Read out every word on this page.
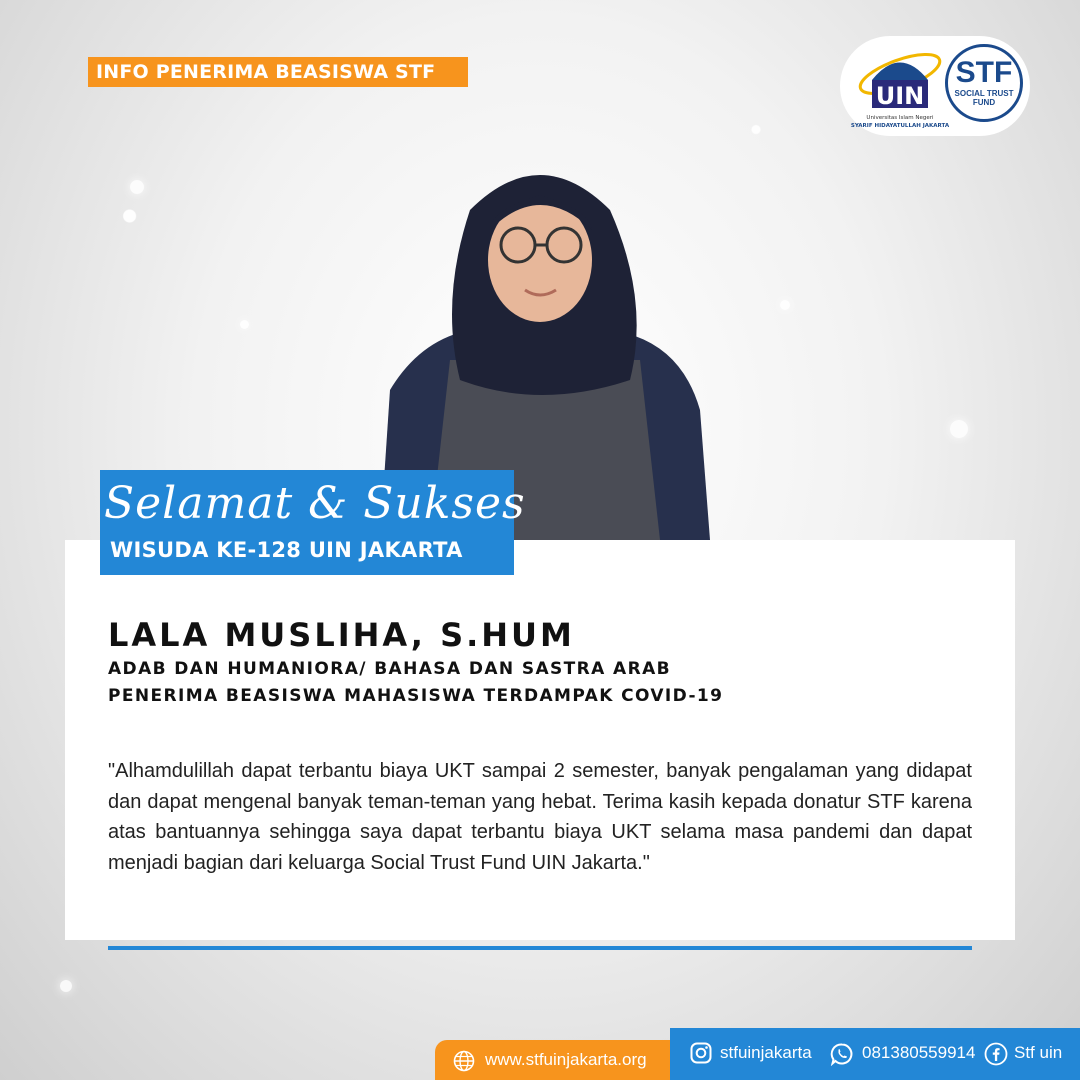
INFO PENERIMA BEASISWA STF
UIN
Universitas Islam Negeri
SYARIF HIDAYATULLAH JAKARTA
STF
SOCIAL TRUST FUND
Selamat & Sukses
WISUDA KE-128 UIN JAKARTA
LALA MUSLIHA, S.HUM
ADAB DAN HUMANIORA/ BAHASA DAN SASTRA ARAB
PENERIMA BEASISWA MAHASISWA TERDAMPAK COVID-19
"Alhamdulillah dapat terbantu biaya UKT sampai 2 semester, banyak pengalaman yang didapat dan dapat mengenal banyak teman-teman yang hebat. Terima kasih kepada donatur STF karena atas bantuannya sehingga saya dapat terbantu biaya UKT selama masa pandemi dan dapat menjadi bagian dari keluarga Social Trust Fund UIN Jakarta."
www.stfuinjakarta.org	stfuinjakarta	081380559914 Stf uin
